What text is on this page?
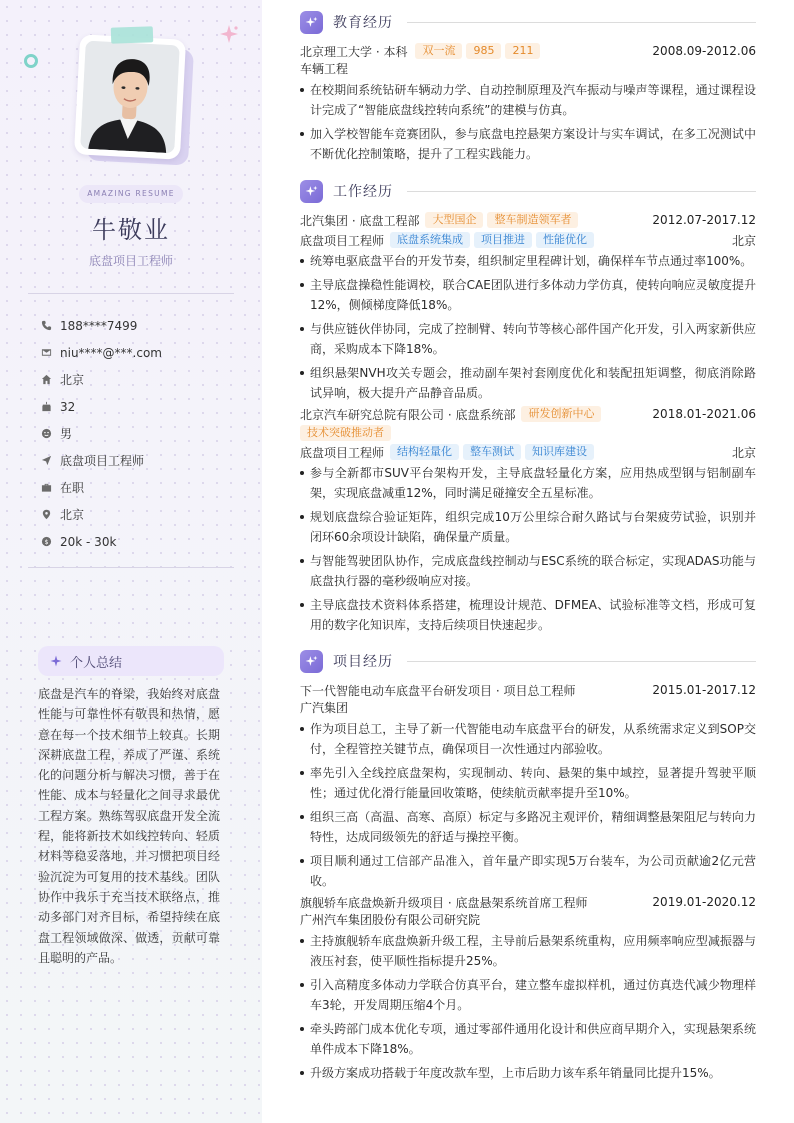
AMAZING RESUME
牛敬业
底盘项目工程师
188****7499
niu****@***.com
北京
32
男
底盘项目工程师
在职
北京
$ 20k - 30k
个人总结

底盘是汽车的脊梁，我始终对底盘性能与可靠性怀有敬畏和热情，愿意在每一个技术细节上较真。长期深耕底盘工程，养成了严谨、系统化的问题分析与解决习惯，善于在性能、成本与轻量化之间寻求最优工程方案。熟练驾驭底盘开发全流程，能将新技术如线控转向、轻质材料等稳妥落地，并习惯把项目经验沉淀为可复用的技术基线。团队协作中我乐于充当技术联络点，推动多部门对齐目标，希望持续在底盘工程领域做深、做透，贡献可靠且聪明的产品。

教育经历
北京理工大学 · 本科	双一流	985	211	2008.09-2012.06
车辆工程
在校期间系统钻研车辆动力学、自动控制原理及汽车振动与噪声等课程，通过课程设计完成了“智能底盘线控转向系统”的建模与仿真。
加入学校智能车竞赛团队，参与底盘电控悬架方案设计与实车调试，在多工况测试中不断优化控制策略，提升了工程实践能力。
工作经历
北汽集团 · 底盘工程部	大型国企	整车制造领军者	2012.07-2017.12
底盘项目工程师	底盘系统集成	项目推进	性能优化	北京
统筹电驱底盘平台的开发节奏，组织制定里程碑计划，确保样车节点通过率100%。
主导底盘操稳性能调校，联合CAE团队进行多体动力学仿真，使转向响应灵敏度提升12%，侧倾梯度降低18%。
与供应链伙伴协同，完成了控制臂、转向节等核心部件国产化开发，引入两家新供应商，采购成本下降18%。
组织悬架NVH攻关专题会，推动副车架衬套刚度优化和装配扭矩调整，彻底消除路试异响，极大提升产品静音品质。
北京汽车研究总院有限公司 · 底盘系统部	研发创新中心	2018.01-2021.06
技术突破推动者
底盘项目工程师	结构轻量化	整车测试	知识库建设	北京
参与全新都市SUV平台架构开发，主导底盘轻量化方案，应用热成型钢与铝制副车架，实现底盘减重12%，同时满足碰撞安全五星标准。
规划底盘综合验证矩阵，组织完成10万公里综合耐久路试与台架疲劳试验，识别并闭环60余项设计缺陷，确保量产质量。
与智能驾驶团队协作，完成底盘线控制动与ESC系统的联合标定，实现ADAS功能与底盘执行器的毫秒级响应对接。
主导底盘技术资料体系搭建，梳理设计规范、DFMEA、试验标准等文档，形成可复用的数字化知识库，支持后续项目快速起步。
项目经历
下一代智能电动车底盘平台研发项目 · 项目总工程师	2015.01-2017.12
广汽集团
作为项目总工，主导了新一代智能电动车底盘平台的研发，从系统需求定义到SOP交付，全程管控关键节点，确保项目一次性通过内部验收。
率先引入全线控底盘架构，实现制动、转向、悬架的集中域控，显著提升驾驶平顺性；通过优化滑行能量回收策略，使续航贡献率提升至10%。
组织三高（高温、高寒、高原）标定与多路况主观评价，精细调整悬架阻尼与转向力特性，达成同级领先的舒适与操控平衡。
项目顺利通过工信部产品准入，首年量产即实现5万台装车，为公司贡献逾2亿元营收。
旗舰轿车底盘焕新升级项目 · 底盘悬架系统首席工程师	2019.01-2020.12
广州汽车集团股份有限公司研究院
主持旗舰轿车底盘焕新升级工程，主导前后悬架系统重构，应用频率响应型减振器与液压衬套，使平顺性指标提升25%。
引入高精度多体动力学联合仿真平台，建立整车虚拟样机，通过仿真迭代减少物理样车3轮，开发周期压缩4个月。
牵头跨部门成本优化专项，通过零部件通用化设计和供应商早期介入，实现悬架系统单件成本下降18%。
升级方案成功搭载于年度改款车型，上市后助力该车系年销量同比提升15%。
